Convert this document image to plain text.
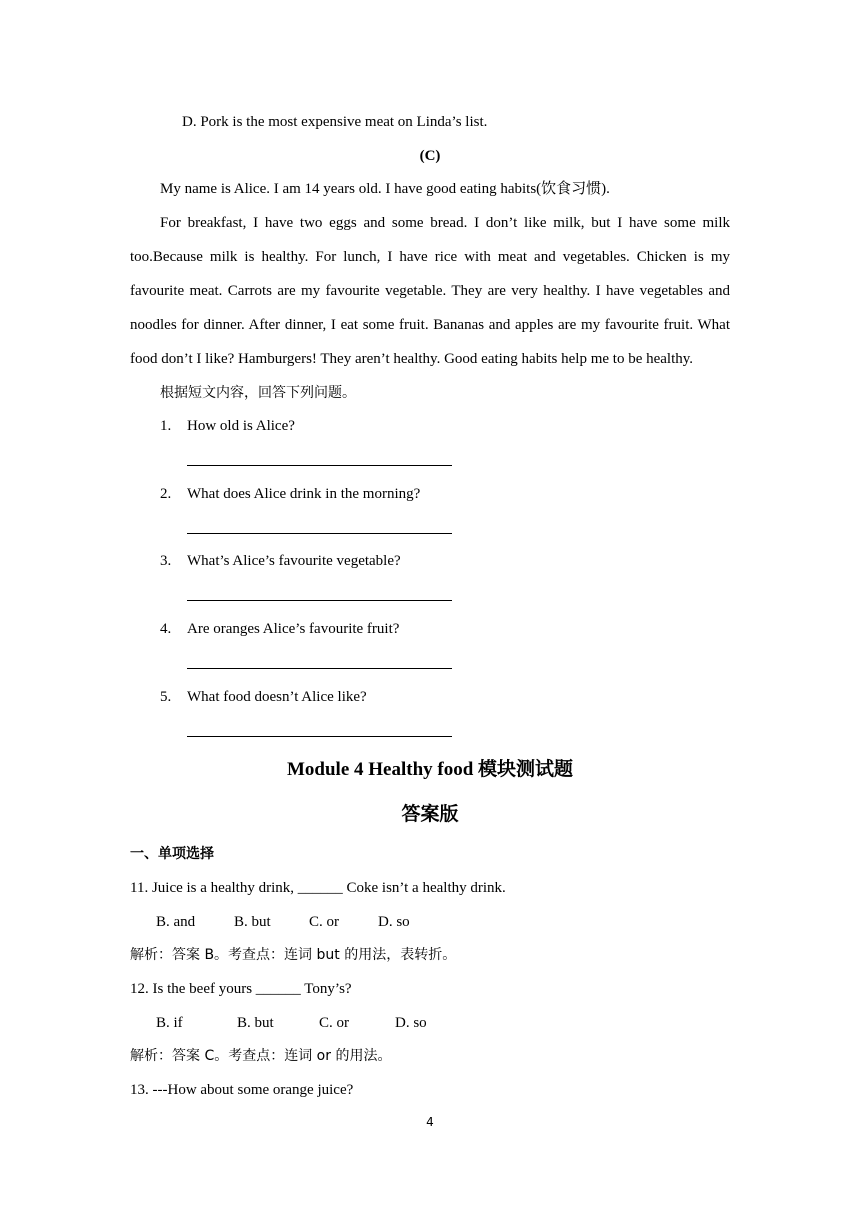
D. Pork is the most expensive meat on Linda’s list.
(C)
My name is Alice. I am 14 years old. I have good eating habits(饮食习惯).
For breakfast, I have two eggs and some bread. I don’t like milk, but I have some milk
too.Because milk is healthy. For lunch, I have rice with meat and vegetables. Chicken is my
favourite meat. Carrots are my favourite vegetable. They are very healthy. I have vegetables and
noodles for dinner. After dinner, I eat some fruit. Bananas and apples are my favourite fruit. What
food don’t I like? Hamburgers! They aren’t healthy. Good eating habits help me to be healthy.
根据短文内容，回答下列问题。
1. How old is Alice?
2. What does Alice drink in the morning?
3. What’s Alice’s favourite vegetable?
4. Are oranges Alice’s favourite fruit?
5. What food doesn’t Alice like?
Module 4 Healthy food 模块测试题
答案版
一、单项选择
11. Juice is a healthy drink, ______ Coke isn’t a healthy drink.
B. and	B. but	C. or	D. so
解析：答案 B。考查点：连词 but 的用法，表转折。
12. Is the beef yours ______ Tony’s?
B. if	B. but	C. or	D. so
解析：答案 C。考查点：连词 or 的用法。
13. ---How about some orange juice?
4
